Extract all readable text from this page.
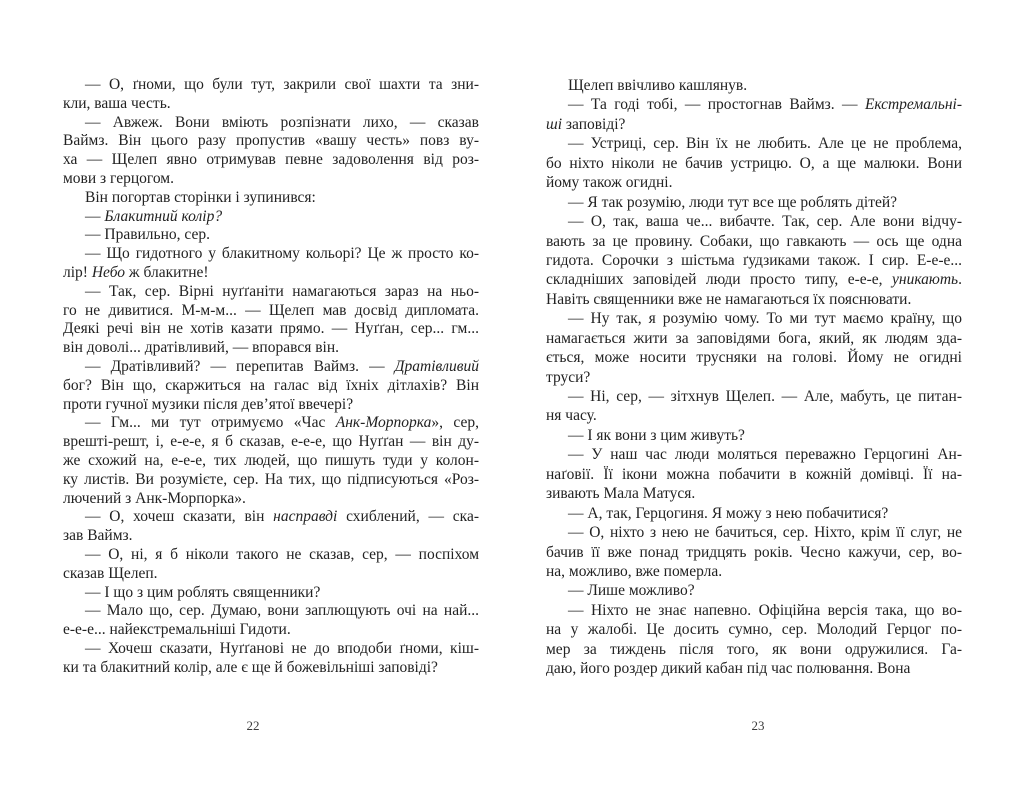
— О, ґноми, що були тут, закрили свої шахти та зни-
кли, ваша честь.
— Авжеж. Вони вміють розпізнати лихо, — сказав
Ваймз. Він цього разу пропустив «вашу честь» повз ву-
ха — Щелеп явно отримував певне задоволення від роз-
мови з герцогом.
Він погортав сторінки і зупинився:
— Блакитний колір?
— Правильно, сер.
— Що гидотного у блакитному кольорі? Це ж просто ко-
лір! Небо ж блакитне!
— Так, сер. Вірні нуґґаніти намагаються зараз на ньо-
го не дивитися. М-м-м... — Щелеп мав досвід дипломата.
Деякі речі він не хотів казати прямо. — Нуґґан, сер... гм...
він доволі... дратівливий, — впорався він.
— Дратівливий? — перепитав Ваймз. — Дратівливий
бог? Він що, скаржиться на галас від їхніх дітлахів? Він
проти гучної музики після дев’ятої ввечері?
— Гм... ми тут отримуємо «Час Анк-Морпорка», сер,
врешті-решт, і, е-е-е, я б сказав, е-е-е, що Нуґґан — він ду-
же схожий на, е-е-е, тих людей, що пишуть туди у колон-
ку листів. Ви розумієте, сер. На тих, що підписуються «Роз-
лючений з Анк-Морпорка».
— О, хочеш сказати, він насправді схиблений, — ска-
зав Ваймз.
— О, ні, я б ніколи такого не сказав, сер, — поспіхом
сказав Щелеп.
— І що з цим роблять священники?
— Мало що, сер. Думаю, вони заплющують очі на най...
е-е-е... найекстремальніші Гидоти.
— Хочеш сказати, Нуґґанові не до вподоби ґноми, кіш-
ки та блакитний колір, але є ще й божевільніші заповіді?
Щелеп ввічливо кашлянув.
— Та годі тобі, — простогнав Ваймз. — Екстремальні-
ші заповіді?
— Устриці, сер. Він їх не любить. Але це не проблема,
бо ніхто ніколи не бачив устрицю. О, а ще малюки. Вони
йому також огидні.
— Я так розумію, люди тут все ще роблять дітей?
— О, так, ваша че... вибачте. Так, сер. Але вони відчу-
вають за це провину. Собаки, що гавкають — ось ще одна
гидота. Сорочки з шістьма ґудзиками також. І сир. Е-е-е...
складніших заповідей люди просто типу, е-е-е, уникають.
Навіть священники вже не намагаються їх пояснювати.
— Ну так, я розумію чому. То ми тут маємо країну, що
намагається жити за заповідями бога, який, як людям зда-
ється, може носити трусняки на голові. Йому не огидні
труси?
— Ні, сер, — зітхнув Щелеп. — Але, мабуть, це питан-
ня часу.
— І як вони з цим живуть?
— У наш час люди моляться переважно Герцогині Ан-
наґовії. Її ікони можна побачити в кожній домівці. Її на-
зивають Мала Матуся.
— А, так, Герцогиня. Я можу з нею побачитися?
— О, ніхто з нею не бачиться, сер. Ніхто, крім її слуг, не
бачив її вже понад тридцять років. Чесно кажучи, сер, во-
на, можливо, вже померла.
— Лише можливо?
— Ніхто не знає напевно. Офіційна версія така, що во-
на у жалобі. Це досить сумно, сер. Молодий Герцог по-
мер за тиждень після того, як вони одружилися. Га-
даю, його роздер дикий кабан під час полювання. Вона
22	23
